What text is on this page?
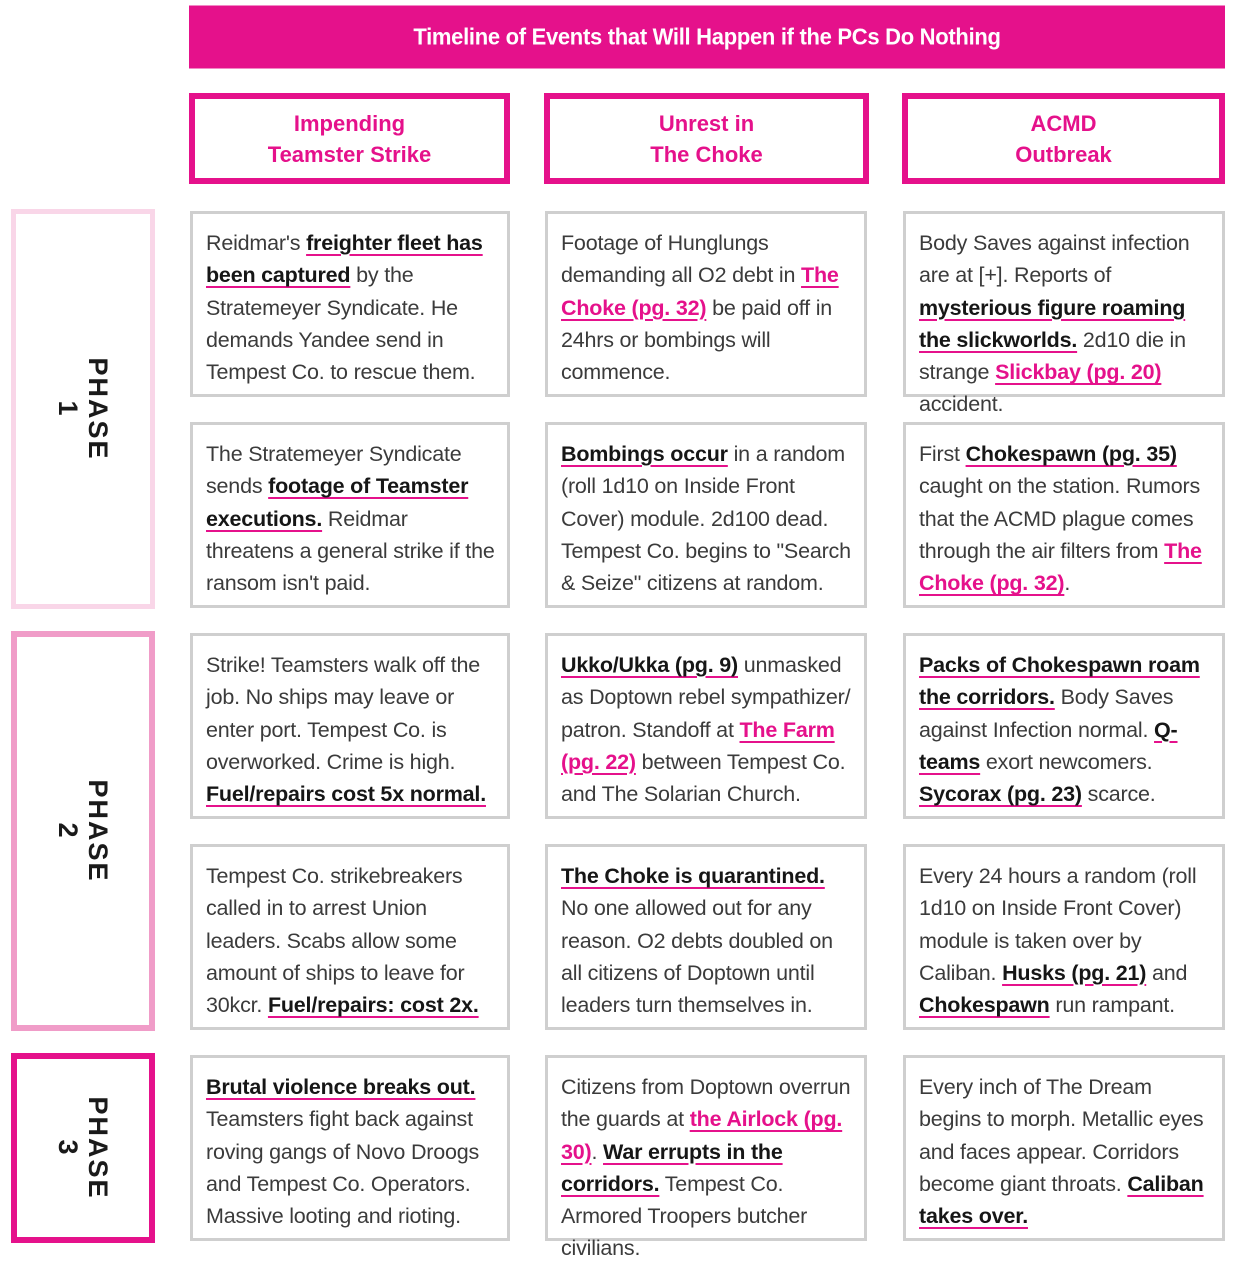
Timeline of Events that Will Happen if the PCs Do Nothing
Impending
Teamster Strike
Unrest in
The Choke
ACMD
Outbreak
PHASE
1
PHASE
2
PHASE
3

Reidmar's freighter fleet has been captured by the Stratemeyer Syndicate. He demands Yandee send in Tempest Co. to rescue them.

Footage of Hunglungs demanding all O2 debt in The Choke (pg. 32) be paid off in 24hrs or bombings will commence.

Body Saves against infection are at [+]. Reports of mysterious figure roaming the slickworlds. 2d10 die in strange Slickbay (pg. 20) accident.

The Stratemeyer Syndicate sends footage of Teamster executions. Reidmar threatens a general strike if the ransom isn't paid.

Bombings occur in a random (roll 1d10 on Inside Front Cover) module. 2d100 dead. Tempest Co. begins to "Search & Seize" citizens at random.

First Chokespawn (pg. 35) caught on the station. Rumors that the ACMD plague comes through the air filters from The Choke (pg. 32).

Strike! Teamsters walk off the job. No ships may leave or enter port. Tempest Co. is overworked. Crime is high. Fuel/repairs cost 5x normal.

Ukko/Ukka (pg. 9) unmasked as Doptown rebel sympathizer/ patron. Standoff at The Farm (pg. 22) between Tempest Co. and The Solarian Church.

Packs of Chokespawn roam the corridors. Body Saves against Infection normal. Q-teams exort newcomers. Sycorax (pg. 23) scarce.

Tempest Co. strikebreakers called in to arrest Union leaders. Scabs allow some amount of ships to leave for 30kcr. Fuel/repairs: cost 2x.

The Choke is quarantined. No one allowed out for any reason. O2 debts doubled on all citizens of Doptown until leaders turn themselves in.

Every 24 hours a random (roll 1d10 on Inside Front Cover) module is taken over by Caliban. Husks (pg. 21) and Chokespawn run rampant.

Brutal violence breaks out. Teamsters fight back against roving gangs of Novo Droogs and Tempest Co. Operators. Massive looting and rioting.

Citizens from Doptown overrun the guards at the Airlock (pg. 30). War errupts in the corridors. Tempest Co. Armored Troopers butcher civilians.

Every inch of The Dream begins to morph. Metallic eyes and faces appear. Corridors become giant throats. Caliban takes over.
